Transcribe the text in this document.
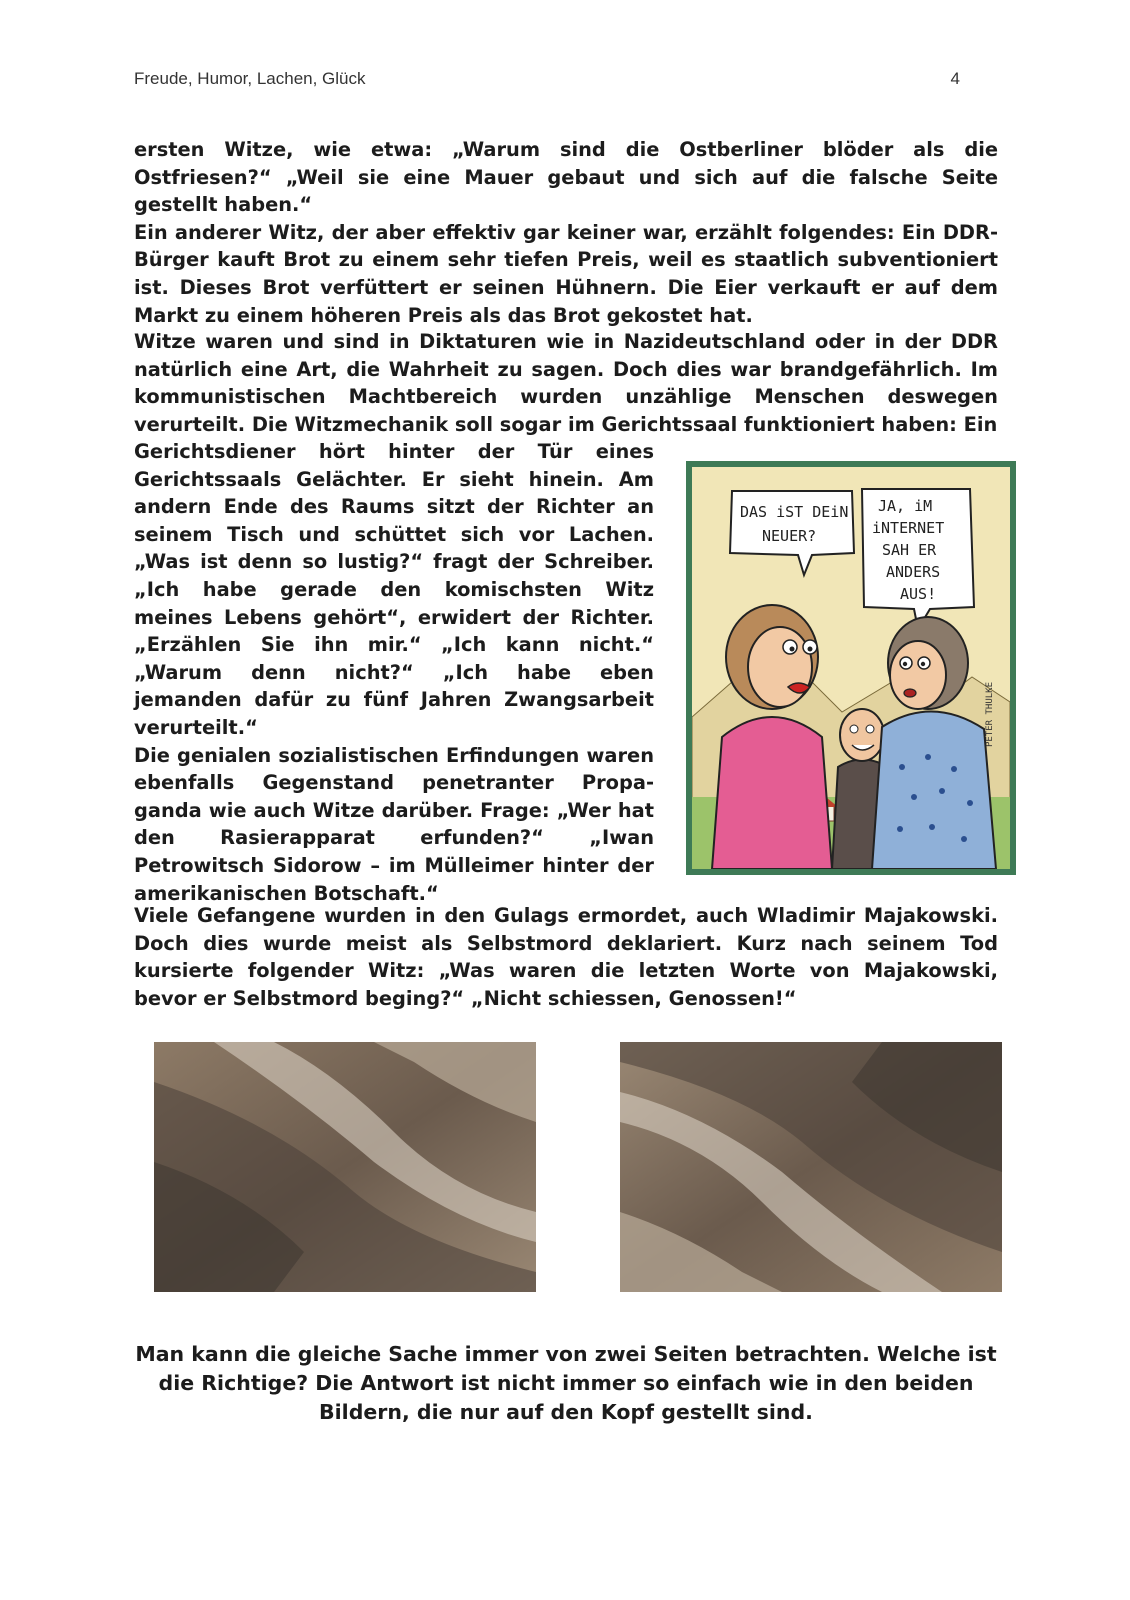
Freude, Humor, Lachen, Glück	4

ersten Witze, wie etwa: „Warum sind die Ostberliner blöder als die Ostfriesen?“ „Weil sie eine Mauer gebaut und sich auf die falsche Seite gestellt haben.“

Ein anderer Witz, der aber effektiv gar keiner war, erzählt folgendes: Ein DDR-Bürger kauft Brot zu einem sehr tiefen Preis, weil es staatlich subventioniert ist. Dieses Brot verfüttert er seinen Hühnern. Die Eier verkauft er auf dem Markt zu einem höheren Preis als das Brot gekostet hat.

Witze waren und sind in Diktaturen wie in Nazideutschland oder in der DDR natürlich eine Art, die Wahrheit zu sagen. Doch dies war brandgefährlich. Im kommunistischen Machtbereich wurden unzählige Menschen deswegen verurteilt. Die Witzmechanik soll sogar im Gerichtssaal funktioniert haben: Ein

Gerichtsdiener hört hinter der Tür eines Gerichtssaals Gelächter. Er sieht hinein. Am andern Ende des Raums sitzt der Richter an seinem Tisch und schüttet sich vor Lachen. „Was ist denn so lustig?“ fragt der Schreiber. „Ich habe gerade den komischsten Witz meines Lebens gehört“, erwidert der Richter. „Erzählen Sie ihn mir.“ „Ich kann nicht.“ „Warum denn nicht?“ „Ich habe eben jemanden dafür zu fünf Jahren Zwangsarbeit verurteilt.“

Die genialen sozialistischen Erfindungen waren ebenfalls Gegenstand penetranter Propa-ganda wie auch Witze darüber. Frage: „Wer hat den Rasierapparat erfunden?“ „Iwan Petrowitsch Sidorow – im Mülleimer hinter der amerikanischen Botschaft.“

DAS iST DEiN
NEUER?
JA, iM
iNTERNET
SAH ER
ANDERS
AUS!
PETER THULKE

Viele Gefangene wurden in den Gulags ermordet, auch Wladimir Majakowski. Doch dies wurde meist als Selbstmord deklariert. Kurz nach seinem Tod kursierte folgender Witz: „Was waren die letzten Worte von Majakowski, bevor er Selbstmord beging?“ „Nicht schiessen, Genossen!“

Man kann die gleiche Sache immer von zwei Seiten betrachten. Welche ist die Richtige? Die Antwort ist nicht immer so einfach wie in den beiden Bildern, die nur auf den Kopf gestellt sind.
